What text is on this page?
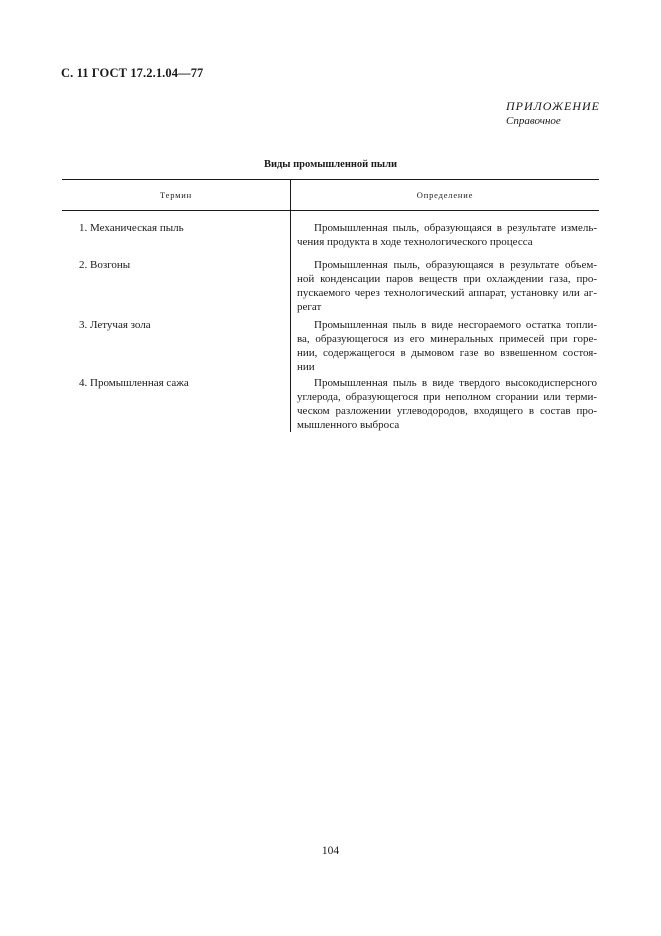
С. 11 ГОСТ 17.2.1.04—77
ПРИЛОЖЕНИЕ
Справочное
Виды промышленной пыли
Термин	Определение
1. Механическая пыль	Промышленная пыль, образующаяся в результате измель-
чения продукта в ходе технологического процесса
2. Возгоны	Промышленная пыль, образующаяся в результате объем-
ной конденсации паров веществ при охлаждении газа, про-
пускаемого через технологический аппарат, установку или аг-
регат
3. Летучая зола	Промышленная пыль в виде несгораемого остатка топли-
ва, образующегося из его минеральных примесей при горе-
нии, содержащегося в дымовом газе во взвешенном состоя-
нии
4. Промышленная сажа	Промышленная пыль в виде твердого высокодисперсного
углерода, образующегося при неполном сгорании или терми-
ческом разложении углеводородов, входящего в состав про-
мышленного выброса
104
